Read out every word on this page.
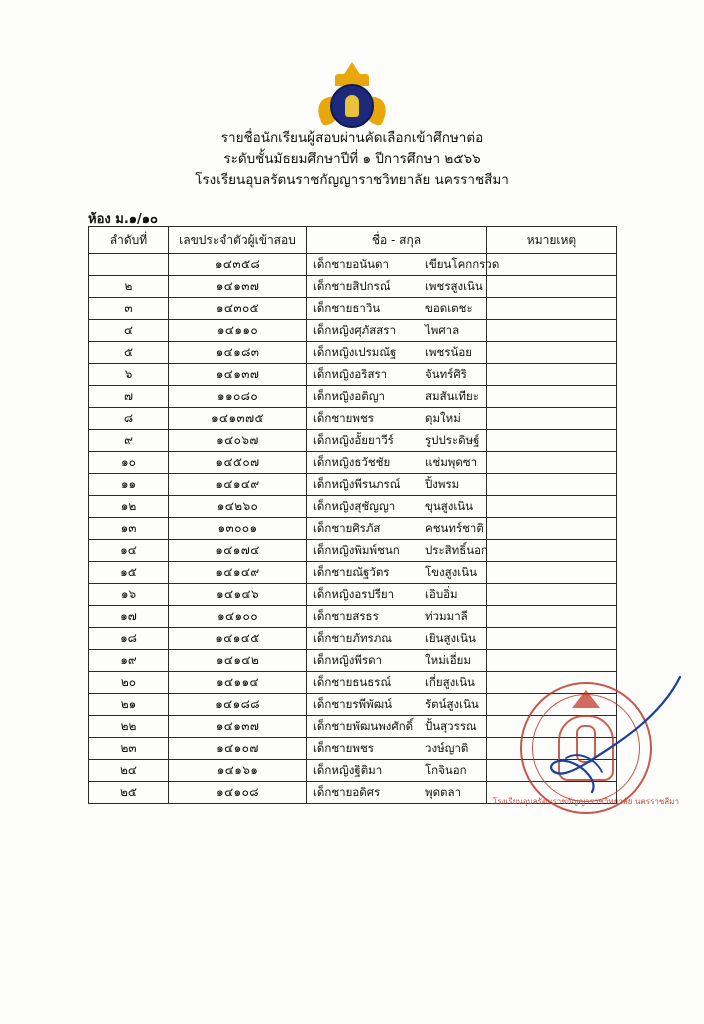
รายชื่อนักเรียนผู้สอบผ่านคัดเลือกเข้าศึกษาต่อ
ระดับชั้นมัธยมศึกษาปีที่ ๑ ปีการศึกษา ๒๕๖๖
โรงเรียนอุบลรัตนราชกัญญาราชวิทยาลัย นครราชสีมา
ห้อง ม.๑/๑๐
ลำดับที่	เลขประจำตัวผู้เข้าสอบ	ชื่อ - สกุล	หมายเหตุ
	๑๔๓๕๘	เด็กชายอนันดา เขียนโคกกรวด	

๒	๑๔๑๓๗	เด็กชายสิปกรณ์ เพชรสูงเนิน	

๓	๑๔๓๐๕	เด็กชายธาวิน ขอดเตชะ	

๔	๑๔๑๑๐	เด็กหญิงศุภัสสรา ไพศาล	

๕	๑๔๑๘๓	เด็กหญิงเปรมณัฐ เพชรน้อย	

๖	๑๔๑๓๗	เด็กหญิงอริสรา จันทร์ศิริ	

๗	๑๑๐๘๐	เด็กหญิงอติญา สมสันเทียะ	

๘	๑๔๑๓๗๕	เด็กชายพชร ดุมใหม่	

๙	๑๔๐๖๗	เด็กหญิงอััยยาวีร์ รูปประดิษฐ์	

๑๐	๑๔๕๐๗	เด็กหญิงธวัชชัย แช่มพุดซา	

๑๑	๑๔๑๔๙	เด็กหญิงพีรนภรณ์ ปิ้งพรม	

๑๒	๑๔๒๖๐	เด็กหญิงสุชัญญา ขุนสูงเนิน	

๑๓	๑๓๐๐๑	เด็กชายศิรภัส คชนทร์ชาติ	

๑๔	๑๔๑๗๔	เด็กหญิงพิมพ์ชนก ประสิทธิ์นอก	

๑๕	๑๔๑๔๙	เด็กชายณัฐวัตร โขงสูงเนิน	

๑๖	๑๔๑๔๖	เด็กหญิงอรปรียา เอิบอิ่ม	

๑๗	๑๔๑๐๐	เด็กชายสรธร ท่วมมาลี	

๑๘	๑๔๑๔๕	เด็กชายภัทรภณ เยินสูงเนิน	

๑๙	๑๔๑๔๒	เด็กหญิงพีรดา ใหม่เอี่ยม	

๒๐	๑๔๑๑๔	เด็กชายธนธรณ์ เกี่ยสูงเนิน	

๒๑	๑๔๑๘๘	เด็กชายรพีพัฒน์ รัตน์สูงเนิน	

๒๒	๑๔๑๓๗	เด็กชายพัฒนพงศักดิ์ ปั้นสุวรรณ	

๒๓	๑๔๑๐๗	เด็กชายพชร วงษ์ญาติ	

๒๔	๑๔๑๖๑	เด็กหญิงฐิติมา โกจินอก	

๒๕	๑๔๑๐๘	เด็กชายอดิศร พุดตลา	

โรงเรียนอุบลรัตนราชกัญญาราชวิทยาลัย นครราชสีมา
